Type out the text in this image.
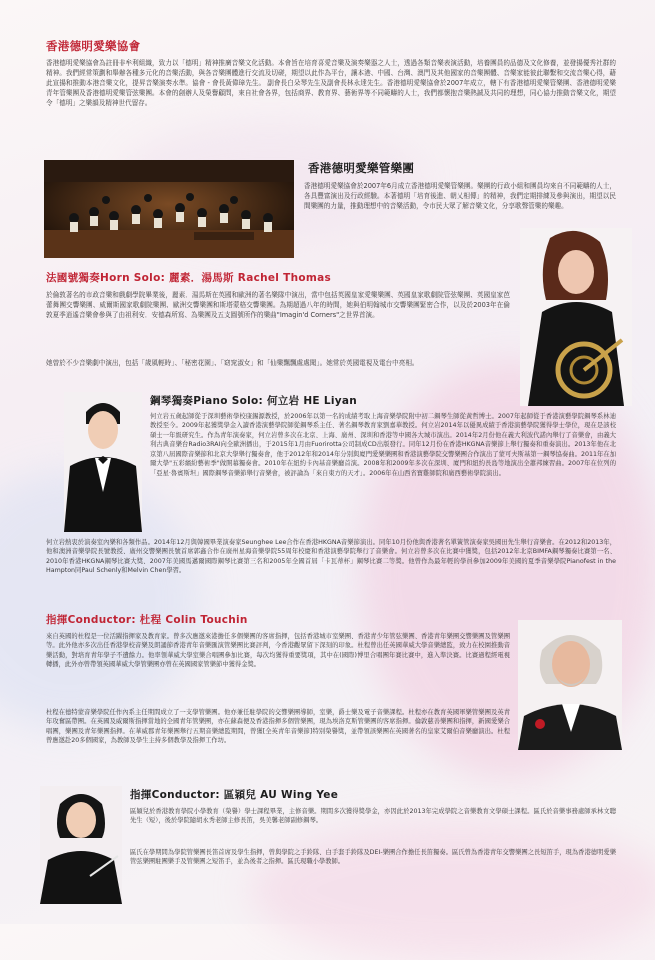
香港德明愛樂協會
香港德明愛樂協會為註冊非牟利組織，致力以「德明」精神推廣音樂文化活動。本會旨在培育喜愛音樂及演奏樂器之人士，透過各類音樂表演活動，培養團員的品德及文化修養，並發揚優秀社群的精神。我們經常策劃和舉辦各種多元化的音樂活動，與各音樂團體進行交流及切磋，期望以此作為平台，讓本港、中國、台灣、澳門及其他國家的音樂團體、音樂家能彼此聯繫和交流音樂心得，藉此宣揚和推動本港音樂文化，提昇音樂演奏水準。協會 - 會長黃偉璋先生。 副會長白朵琴先生及副會長林永達先生。香港德明愛樂協會於2007年成立，轄下有香港德明愛樂管樂團、香港德明愛樂青年管樂團及香港德明愛樂管弦樂團。本會的創辦人及榮譽顧問，來自社會各界，包括商界、教育界、藝術界等不同範疇的人士，我們都懷抱音樂熱誠及共同的理想，同心協力推動音樂文化，期望令「德明」之樂韻及精神世代留存。
香港德明愛樂管樂團
香港德明愛樂協會於2007年6月成立香港德明愛樂管樂團。樂團的行政小組和團員均來自不同範疇的人士，各具豐富演出及行政經驗。本著德明「培育後進、朝乂相傳」的精神，我們定期排練及參與演出，期望以民間樂團的力量，推動理想中的音樂活動，令市民大眾了解音樂文化，分享歌聲管樂的樂趣。
法國號獨奏Horn Solo: 麗素．湯馬斯 Rachel Thomas
於倫敦著名的市政音樂和戲劇學院畢業後，麗素．湯馬斯在英國和歐洲的著名樂隊中演出，當中包括英國皇家愛樂樂團、英國皇家歌劇院管弦樂團、英國皇家芭蕾舞團交響樂團、威爾斯國家歌劇院樂團、歐洲交響樂團和斯塔蒙格交響樂團。為期超過八年的時間，她與伯明翰城市交響樂團緊密合作，以及於2003年在倫敦夏季逍遙音樂會參與了由祖利安．安德森所寫、為樂團及五支圓號所作的樂曲"Imagin'd Corners"之世界首演。
她曾於不少音樂劇中演出，包括「歲風輕時」、「秘密花園」、「窈窕淑女」和「仙樂飄飄處處聞」。她常於英國電視及電台中亮相。
鋼琴獨奏Piano Solo: 何立岩 HE Liyan
何立岩五歲起師從于深圳藝術學校康錫源教授，於2006年以第一名的成績考取上海音樂學院附中初二鋼琴生師從黃哲博士。2007年起師從于香港演藝學院鋼琴系林迪教授至今。2009年起獲獎學金入讀香港演藝學院師從鋼琴系主任、著名鋼琴教育家劉嘉華教授。何立岩2014年以優異成績于香港演藝學院獲得學士學位，現在是該校碩士一年級研究生。作為青年演奏家，何立岩曾多次在北京、上海、廣州、深圳和香港等中國各大城市演出。2014年2月份他在義大利波代諾內舉行了音樂會，由義大利古典音樂台Radio3RAI向全歐洲播出，于2015年1月由Fuorirotta公司制成CD出版發行。同年12月份在香港HKGNA音樂節上舉行獨奏和重奏演出。2013年他在北京第八屆國際音樂節和北京大學舉行獨奏會，他于2012年和2014年分別與廈門愛樂樂團和香港演藝學院交響樂團合作演出了蒙可夫斯基第一鋼琴協奏曲。2011年在加爾大學"五彩繽紛藝術季"做開幕獨奏會。2010年在紐約卡內基音樂廳首演。2008年和2009年多次在深圳、廈門和紐約長島等地演出全蕭邦練習曲。2007年在位列的「亞星·魯賓斯坦」國際鋼琴音樂節舉行音樂會，被評論為「來自東方的天才」。2006年在山西省寶雞師院和廣西藝術學院演出。
何立岩熱衷於演奏室內樂和各類作品。2014年12月與韓國畢業演奏家Seunghee Lee合作在香港HKGNA音樂節演出。同年10月份他與香港著名單簧管演奏家吳國田先生舉行音樂會。在2012和2013年，他和澳洲音樂學院長號教授、廣州交響樂團長號首席郭鑫合作在廣州星海音樂學院55周年校慶和香港演藝學院舉行了音樂會。何立岩曾多次在比賽中獲獎，包括2012年北京BIMFA鋼琴獨奏比賽第一名、2010年香港HKGNA鋼琴比賽大獎、2007年美國馬邁爾國際鋼琴比賽第三名和2005年全國首屆「卡瓦蒂杯」鋼琴比賽二等獎。他曾作為最年輕的學員參加2009年美國的夏季音樂學院Pianofest in the Hampton同Paul Schenly和Melvin Chen學習。
指揮Conductor: 杜程 Colin Touchin
來自英國的杜程是一位活躍指揮家及教育家。曾多次應邀來港擔任多個樂團的客席指揮，包括香港城市室樂團、香港青少年管弦樂團、香港青年樂團交響樂團及管樂團等。此外他亦多次出任香港學校音樂及朗誦節香港青年音樂匯演管樂團比賽評判，今香港觀眾留下深刻的印象。杜程曾出任英國華威大學音樂總監，致力在校園推動音樂活動，對培育青年學子不遺餘力。他率領華威大學室樂合唱團參加比賽，每次均獲得重要獎項，其中在(國際)博里合唱團年賽比賽中，進入準決賽。比賽過程經電視轉播，此外亦曾帶領英國華威大學管樂團亦曾在英國國家管樂節中獲得金獎。
杜程在德特蒙音樂學院任作內系主任期間成立了一支學管樂團。他亦兼任駐學院的交響樂團導師，室樂，爵士樂及電子音樂課程。杜程亦在教育英國軍樂管樂團及英青年攻奮區帶團。在英國及威爾斯指揮當地的全國青年管樂團，亦在蘇森便及香港指揮多個管樂團，現為埃洛克斯管樂團的客席指揮。倫敦慈善樂團和指揮，新國愛樂合唱團，樂團及青年樂團指揮。在華威郡青年樂團舉行五期音樂總監期間，曾獲[全英青年音樂節]特別榮譽獎，並帶領該樂團在英國著名的皇家艾爾伯音樂廳演出。杜程曾應邀赴20多個國家，為教師及學生主持多個教學及指揮工作坊。
指揮Conductor: 區穎兒 AU Wing Yee
區穎兒於香港教育學院小學教育（榮譽）學士課程畢業，主修音樂。期間多次獲得獎學金，亦因此於2013年完成學院之音樂教育文學碩士課程。區氏於音樂事務處師承林文聰先生（短），後於學院隨胡永秀老師主修長笛，吳美馨老師副修鋼琴。
區氏在學期間為學院管樂團長笛首席及學生指揮，曾與學院之手鈴隊、白手套手鈴隊及DEI-樂團合作擔任長笛獨奏。區氏曾為香港青年交響樂團之長短笛手，現為香港德明愛樂管弦樂團駐團樂手及管樂團之短笛手，並為後者之指揮。區氏現職小學教師。
